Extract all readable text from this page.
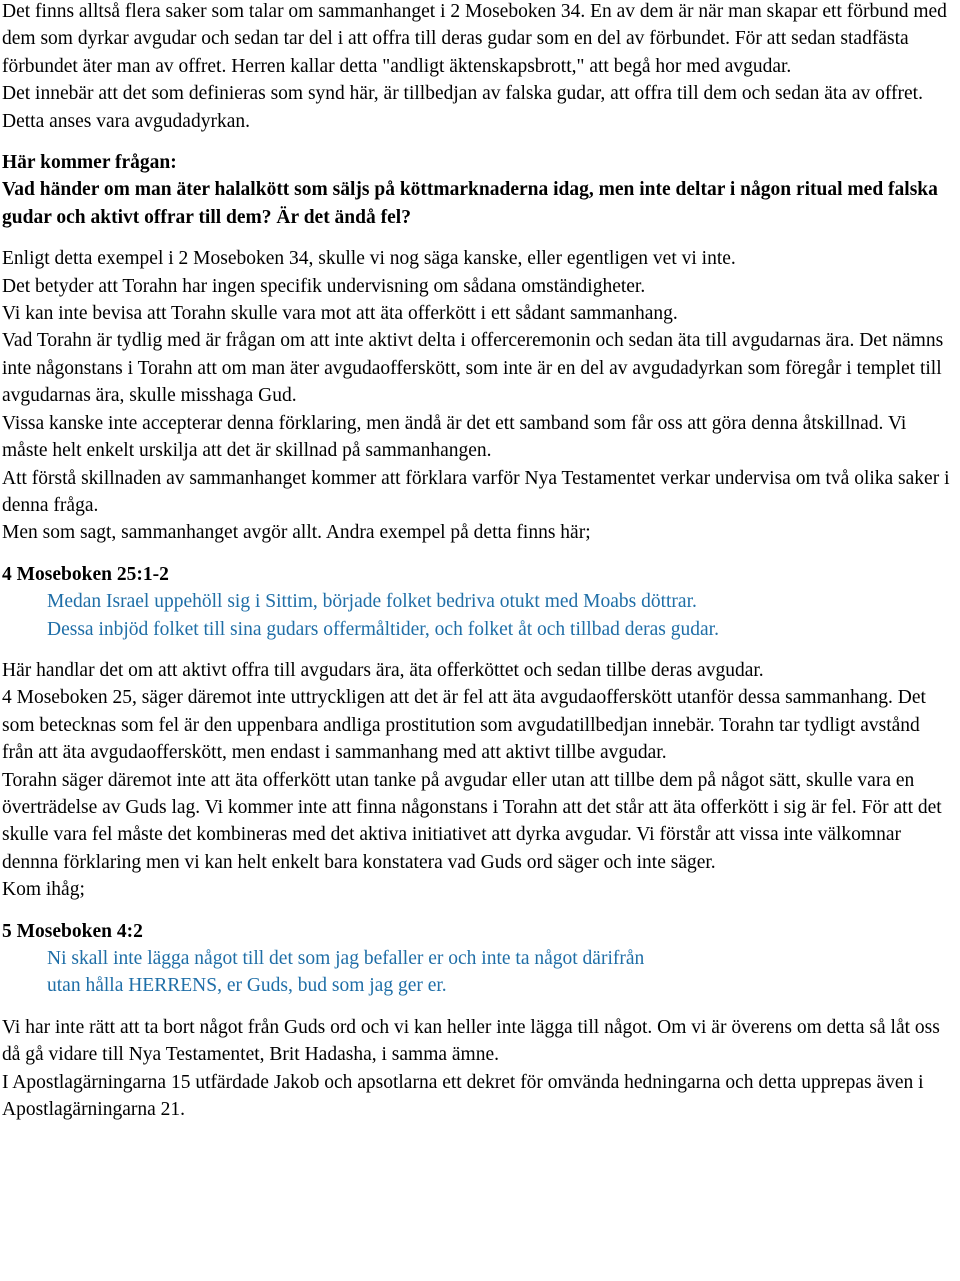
Det finns alltså flera saker som talar om sammanhanget i 2 Moseboken 34. En av dem är när man skapar ett förbund med dem som dyrkar avgudar och sedan tar del i att offra till deras gudar som en del av förbundet. För att sedan stadfästa förbundet äter man av offret. Herren kallar detta "andligt äktenskapsbrott," att begå hor med avgudar.

Det innebär att det som definieras som synd här, är tillbedjan av falska gudar, att offra till dem och sedan äta av offret. Detta anses vara avgudadyrkan.

Här kommer frågan:

Vad händer om man äter halalkött som säljs på köttmarknaderna idag, men inte deltar i någon ritual med falska gudar och aktivt offrar till dem? Är det ändå fel?

Enligt detta exempel i 2 Moseboken 34, skulle vi nog säga kanske, eller egentligen vet vi inte.

Det betyder att Torahn har ingen specifik undervisning om sådana omständigheter.

Vi kan inte bevisa att Torahn skulle vara mot att äta offerkött i ett sådant sammanhang.

Vad Torahn är tydlig med är frågan om att inte aktivt delta i offerceremonin och sedan äta till avgudarnas ära. Det nämns inte någonstans i Torahn att om man äter avgudaofferskött, som inte är en del av avgudadyrkan som föregår i templet till avgudarnas ära, skulle misshaga Gud.

Vissa kanske inte accepterar denna förklaring, men ändå är det ett samband som får oss att göra denna åtskillnad. Vi måste helt enkelt urskilja att det är skillnad på sammanhangen.

Att förstå skillnaden av sammanhanget kommer att förklara varför Nya Testamentet verkar undervisa om två olika saker i denna fråga.

Men som sagt, sammanhanget avgör allt. Andra exempel på detta finns här;

4 Moseboken 25:1-2

Medan Israel uppehöll sig i Sittim, började folket bedriva otukt med Moabs döttrar.

Dessa inbjöd folket till sina gudars offermåltider, och folket åt och tillbad deras gudar.

Här handlar det om att aktivt offra till avgudars ära, äta offerköttet och sedan tillbe deras avgudar.

4 Moseboken 25, säger däremot inte uttryckligen att det är fel att äta avgudaofferskött utanför dessa sammanhang. Det som betecknas som fel är den uppenbara andliga prostitution som avgudatillbedjan innebär. Torahn tar tydligt avstånd från att äta avgudaofferskött, men endast i sammanhang med att aktivt tillbe avgudar.

Torahn säger däremot inte att äta offerkött utan tanke på avgudar eller utan att tillbe dem på något sätt, skulle vara en överträdelse av Guds lag. Vi kommer inte att finna någonstans i Torahn att det står att äta offerkött i sig är fel. För att det skulle vara fel måste det kombineras med det aktiva initiativet att dyrka avgudar. Vi förstår att vissa inte välkomnar dennna förklaring men vi kan helt enkelt bara konstatera vad Guds ord säger och inte säger.

Kom ihåg;

5 Moseboken 4:2

Ni skall inte lägga något till det som jag befaller er och inte ta något därifrån

utan hålla HERRENS, er Guds, bud som jag ger er.

Vi har inte rätt att ta bort något från Guds ord och vi kan heller inte lägga till något. Om vi är överens om detta så låt oss då gå vidare till Nya Testamentet, Brit Hadasha, i samma ämne.

I Apostlagärningarna 15 utfärdade Jakob och apsotlarna ett dekret för omvända hedningarna och detta upprepas även i Apostlagärningarna 21.
